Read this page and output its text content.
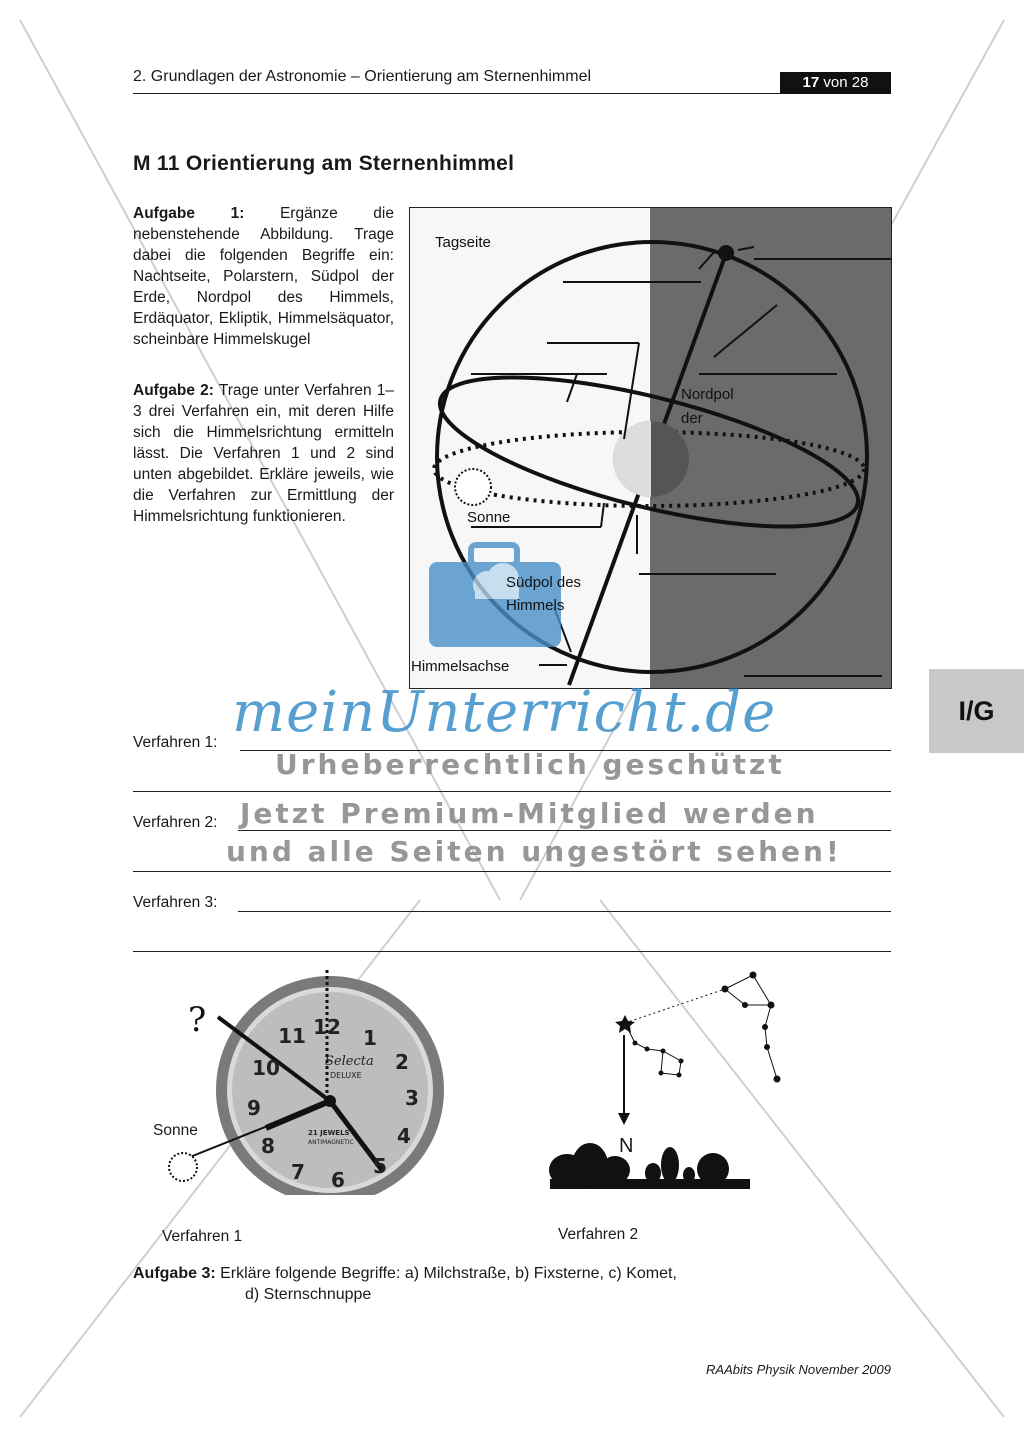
2. Grundlagen der Astronomie – Orientierung am Sternenhimmel	17 von 28
M 11 Orientierung am Sternenhimmel
Aufgabe 1: Ergänze die nebenstehende Abbildung. Trage dabei die folgenden Begriffe ein: Nachtseite, Polarstern, Südpol der Erde, Nordpol des Himmels, Erdäquator, Ekliptik, Himmelsäquator, scheinbare Himmelskugel
Aufgabe 2: Trage unter Verfahren 1–3 drei Verfahren ein, mit deren Hilfe sich die Himmelsrichtung ermitteln lässt. Die Verfahren 1 und 2 sind unten abgebildet. Erkläre jeweils, wie die Verfahren zur Ermittlung der Himmelsrichtung funktionieren.
Tagseite
Nordpol
der
Sonne
Südpol des
Himmels
Himmelsachse
I/G
Verfahren 1:
Verfahren 2:
Verfahren 3:
meinUnterricht.de
Urheberrechtlich geschützt
Jetzt Premium-Mitglied werden
und alle Seiten ungestört sehen!
12 1
2
3
4
5
6
7
8
9
10
11
Selecta
DELUXE
21 JEWELS
ANTIMAGNETIC
?
Sonne
Verfahren 1
N
Verfahren 2
Aufgabe 3: Erkläre folgende Begriffe: a) Milchstraße, b) Fixsterne, c) Komet,
d) Sternschnuppe
RAAbits Physik November 2009
